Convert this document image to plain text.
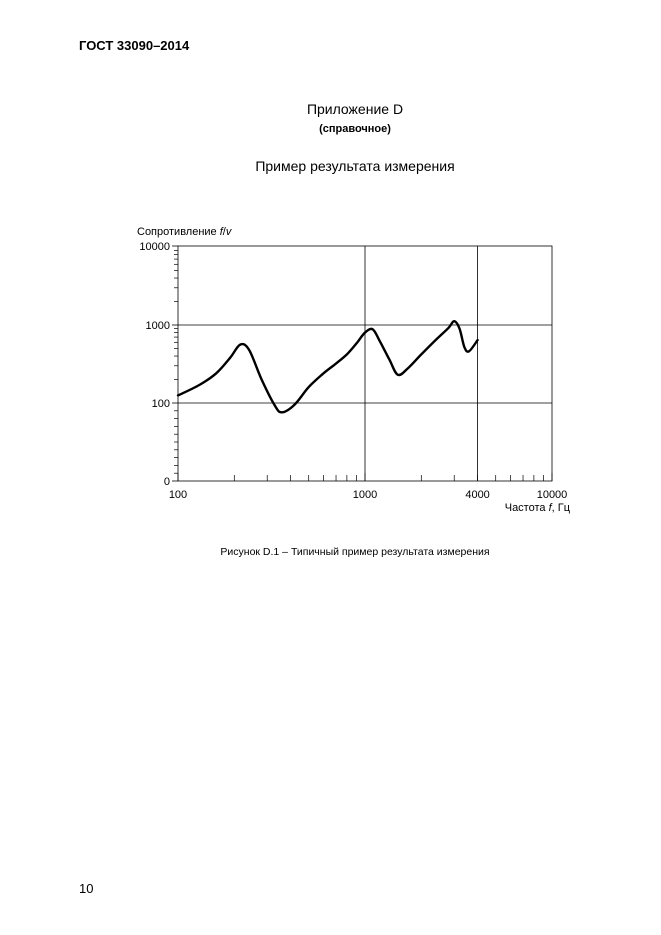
ГОСТ 33090–2014
Приложение D
(справочное)
Пример результата измерения
Сопротивление f/v
Частота f, Гц
0
100
1000
10000
100	1000	4000	10000
Рисунок D.1 – Типичный пример результата измерения
10
